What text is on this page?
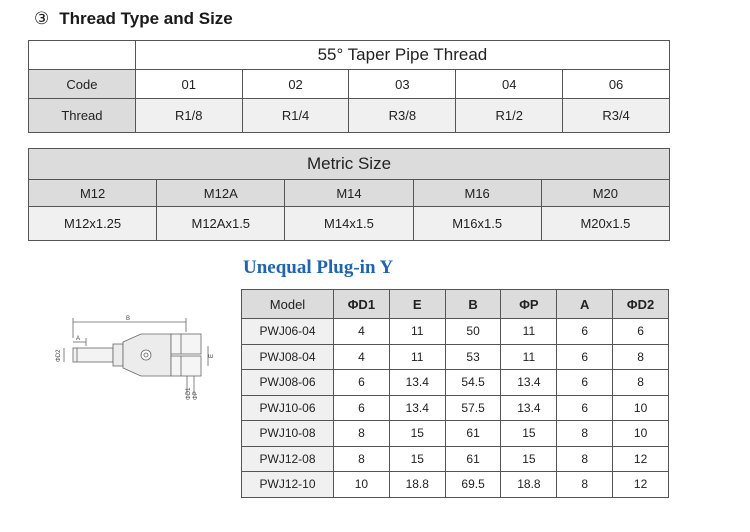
③ Thread Type and Size
	55° Taper Pipe Thread				
Code	01	02	03	04	06
Thread	R1/8	R1/4	R3/8	R1/2	R3/4
Metric Size				
M12	M12A	M14	M16	M20
M12x1.25	M12Ax1.5	M14x1.5	M16x1.5	M20x1.5
Unequal Plug-in Y
B
A
ΦD2	E
ΦD1 ΦP
Model	ΦD1	E	B	ΦP	A	ΦD2
PWJ06-04	4	11	50	11	6	6
PWJ08-04	4	11	53	11	6	8
PWJ08-06	6	13.4	54.5	13.4	6	8
PWJ10-06	6	13.4	57.5	13.4	6	10
PWJ10-08	8	15	61	15	8	10
PWJ12-08	8	15	61	15	8	12
PWJ12-10	10	18.8	69.5	18.8	8	12
